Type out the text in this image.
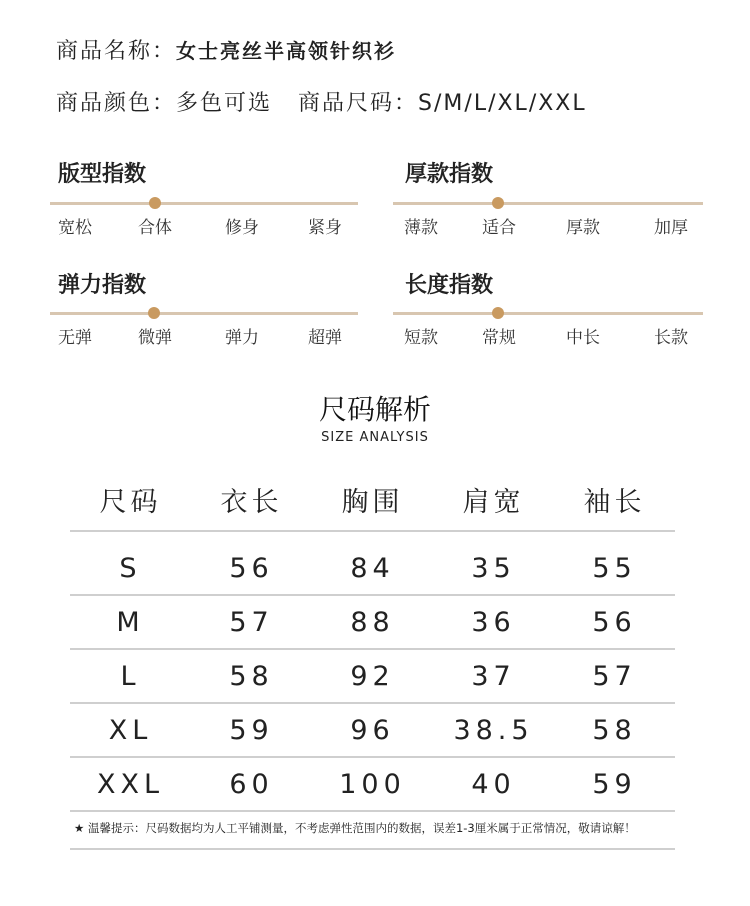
商品名称：女士亮丝半高领针织衫
商品颜色：多色可选 商品尺码：S/M/L/XL/XXL
版型指数
宽松	合体	修身	紧身
厚款指数
薄款	适合	厚款	加厚
弹力指数
无弹	微弹	弹力	超弹
长度指数
短款	常规	中长	长款
尺码解析
SIZE ANALYSIS
尺码	衣长	胸围	肩宽	袖长

S	56	84	35	55
M	57	88	36	56
L	58	92	37	57
XL	59	96	38.5	58
XXL	60	100	40	59
★ 温馨提示：尺码数据均为人工平铺测量，不考虑弹性范围内的数据，误差1-3厘米属于正常情况，敬请谅解！
